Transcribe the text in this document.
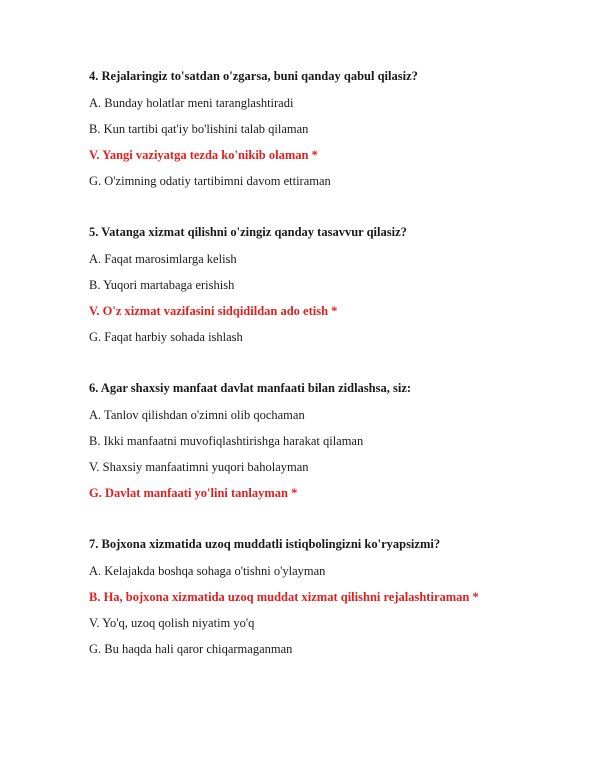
4. Rejalaringiz to'satdan o'zgarsa, buni qanday qabul qilasiz?
A. Bunday holatlar meni taranglashtiradi
B. Kun tartibi qat'iy bo'lishini talab qilaman
V. Yangi vaziyatga tezda ko'nikib olaman *
G. O'zimning odatiy tartibimni davom ettiraman
5. Vatanga xizmat qilishni o'zingiz qanday tasavvur qilasiz?
A. Faqat marosimlarga kelish
B. Yuqori martabaga erishish
V. O'z xizmat vazifasini sidqidildan ado etish *
G. Faqat harbiy sohada ishlash
6. Agar shaxsiy manfaat davlat manfaati bilan zidlashsa, siz:
A. Tanlov qilishdan o'zimni olib qochaman
B. Ikki manfaatni muvofiqlashtirishga harakat qilaman
V. Shaxsiy manfaatimni yuqori baholayman
G. Davlat manfaati yo'lini tanlayman *
7. Bojxona xizmatida uzoq muddatli istiqbolingizni ko'ryapsizmi?
A. Kelajakda boshqa sohaga o'tishni o'ylayman
B. Ha, bojxona xizmatida uzoq muddat xizmat qilishni rejalashtiraman *
V. Yo'q, uzoq qolish niyatim yo'q
G. Bu haqda hali qaror chiqarmaganman
